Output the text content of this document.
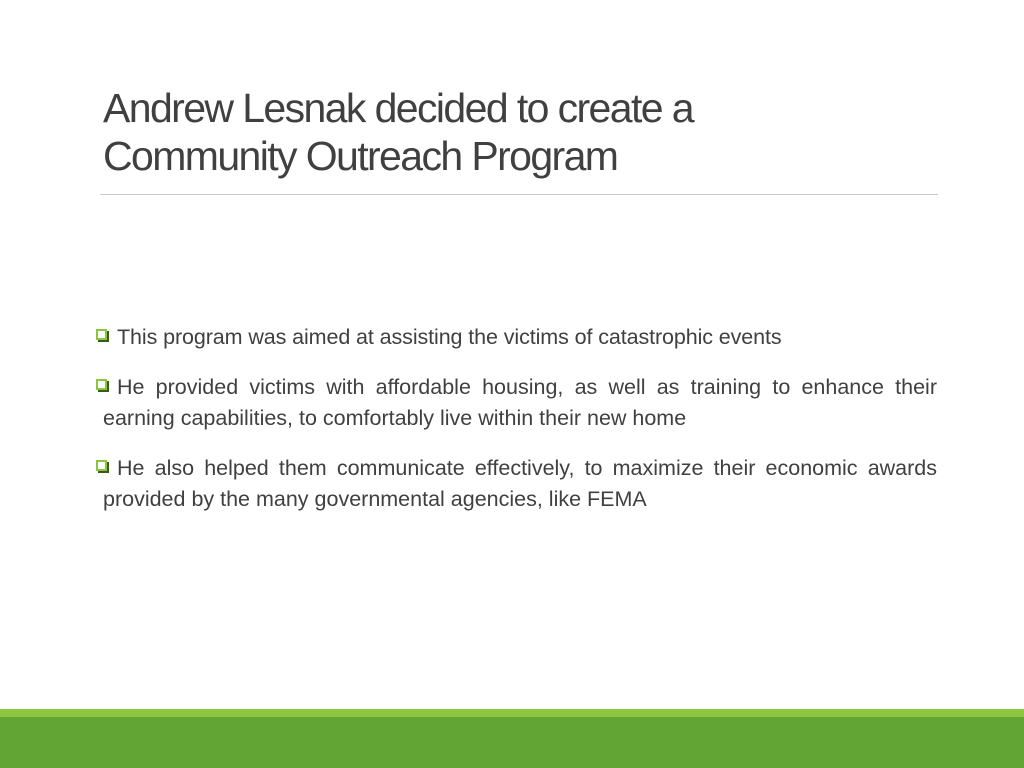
Andrew Lesnak decided to create a
Community Outreach Program
This program was aimed at assisting the victims of catastrophic events
He provided victims with affordable housing, as well as training to enhance their earning capabilities, to comfortably live within their new home
He also helped them communicate effectively, to maximize their economic awards provided by the many governmental agencies, like FEMA
